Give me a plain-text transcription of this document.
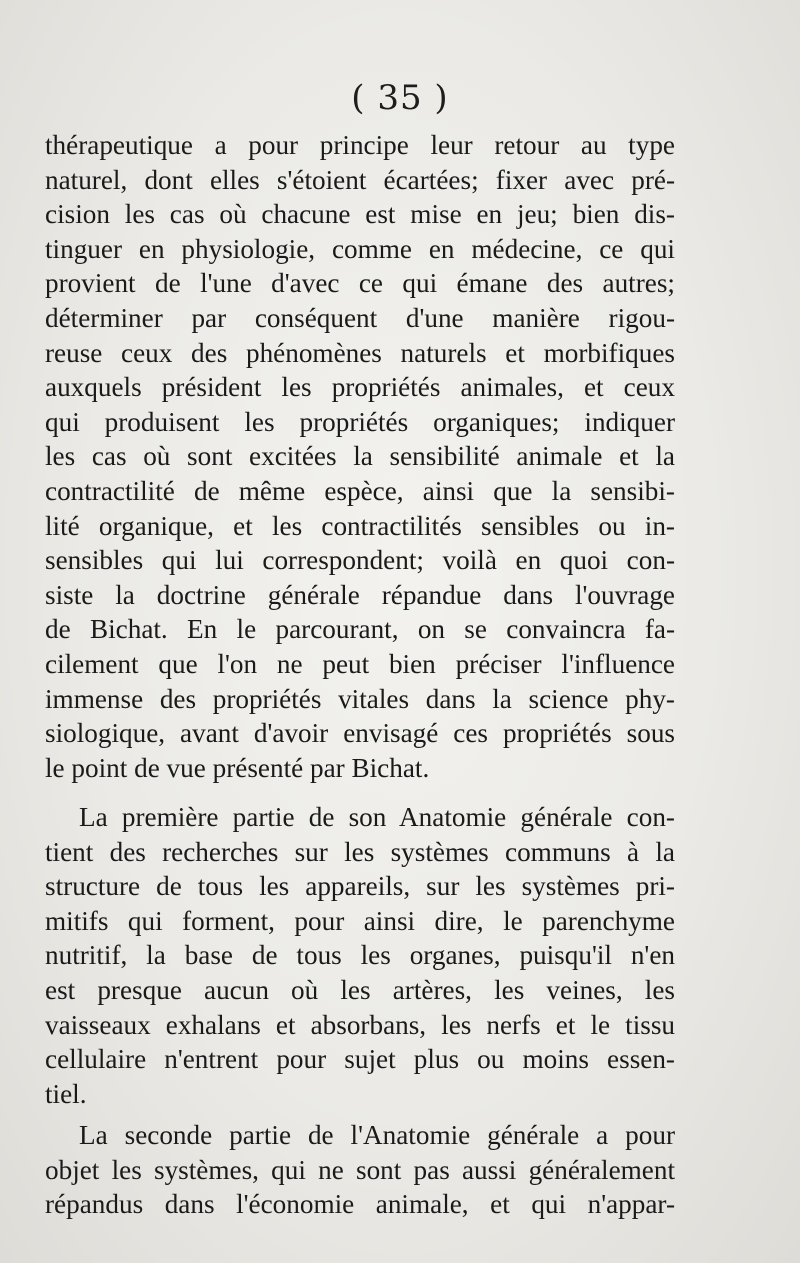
( 35 )
thérapeutique a pour principe leur retour au type
naturel, dont elles s'étoient écartées; fixer avec pré-
cision les cas où chacune est mise en jeu; bien dis-
tinguer en physiologie, comme en médecine, ce qui
provient de l'une d'avec ce qui émane des autres;
déterminer par conséquent d'une manière rigou-
reuse ceux des phénomènes naturels et morbifiques
auxquels président les propriétés animales, et ceux
qui produisent les propriétés organiques; indiquer
les cas où sont excitées la sensibilité animale et la
contractilité de même espèce, ainsi que la sensibi-
lité organique, et les contractilités sensibles ou in-
sensibles qui lui correspondent; voilà en quoi con-
siste la doctrine générale répandue dans l'ouvrage
de Bichat. En le parcourant, on se convaincra fa-
cilement que l'on ne peut bien préciser l'influence
immense des propriétés vitales dans la science phy-
siologique, avant d'avoir envisagé ces propriétés sous
le point de vue présenté par Bichat.
La première partie de son Anatomie générale con-
tient des recherches sur les systèmes communs à la
structure de tous les appareils, sur les systèmes pri-
mitifs qui forment, pour ainsi dire, le parenchyme
nutritif, la base de tous les organes, puisqu'il n'en
est presque aucun où les artères, les veines, les
vaisseaux exhalans et absorbans, les nerfs et le tissu
cellulaire n'entrent pour sujet plus ou moins essen-
tiel.
La seconde partie de l'Anatomie générale a pour
objet les systèmes, qui ne sont pas aussi généralement
répandus dans l'économie animale, et qui n'appar-
